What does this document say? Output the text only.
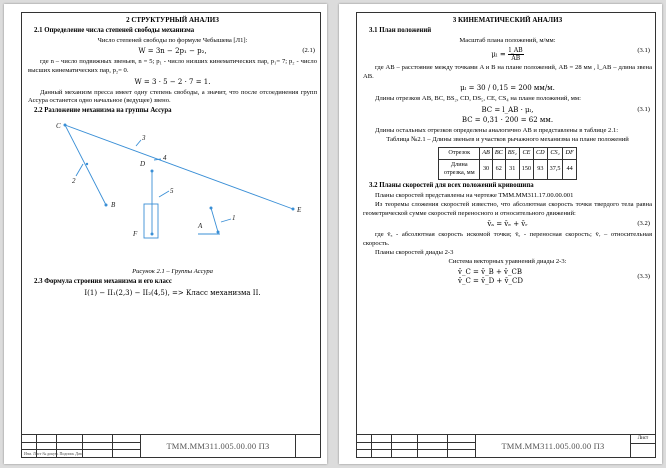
Изм. Лист № докум. Подпись Дата
ТММ.ММ311.005.00.00 ПЗ
2 СТРУКТУРНЫЙ АНАЛИЗ
2.1 Определение числа степеней свободы механизма
Число степеней свободы по формуле Чебышева [Л1]:
W = 3n − 2p₁ − p₂,	(2.1)
где n – число подвижных звеньев, n = 5; p₁ - число низших кинематических пар, p₁= 7; p₂ - число высших кинематических пар, p₂= 0.
W = 3 · 5 − 2 · 7 = 1.
Данный механизм пресса имеет одну степень свободы, а значит, что после отсоединения групп Ассура останется одно начальное (ведущее) звено.
2.2 Разложение механизма на группы Ассура
C
B
D
F
A
E
2
3
4
5
1
Рисунок 2.1 – Группы Ассура
2.3 Формула строения механизма и его класс
I(1) − II₁(2,3) − II₂(4,5), => Класс механизма II.
ТММ.ММ311.005.00.00 ПЗ
Лист
3 КИНЕМАТИЧЕСКИЙ АНАЛИЗ
3.1 План положений
Масштаб плана положений, м/мм:
$\mu_l = \frac{l\_AB}{AB}$	(3.1)
где AB – расстояние между точками A и B на плане положений, AB = 28 мм , l_AB – длина звена AB.
μₗ = 30 / 0,15 = 200 мм/м.
Длины отрезков AB, BC, BS₂, CD, DS₅, CE, CS₄ на плане положений, мм:
BC = l_AB · μₗ,	(3.1)
BC = 0,31 · 200 = 62 мм.
Длины остальных отрезков определены аналогично AB и представлены в таблице 2.1:
Таблица №2.1 – Длины звеньев и участков рычажного механизма на плане положений
Отрезок	AB	BC	BS₂	CE	CD	CS₂	DF
Длина отрезка, мм	30	62	31	150	93	37,5	44
3.2 Планы скоростей для всех положений кривошипа
Планы скоростей представлены на чертеже ТММ.ММ311.17.00.00.001
Из теоремы сложения скоростей известно, что абсолютная скорость точки твердого тела равна геометрической сумме скоростей переносного и относительного движений:
v̄ₐ = v̄ₑ + v̄ᵣ	(3.2)
где v̄ₐ - абсолютная скорость искомой точки; v̄ₑ - переносная скорость; v̄ᵣ – относительная скорость.
Планы скоростей диады 2-3
Система векторных уравнений диады 2-3:
v̄_C = v̄_B + v̄_CB
v̄_C = v̄_D + v̄_CD
(3.3)
